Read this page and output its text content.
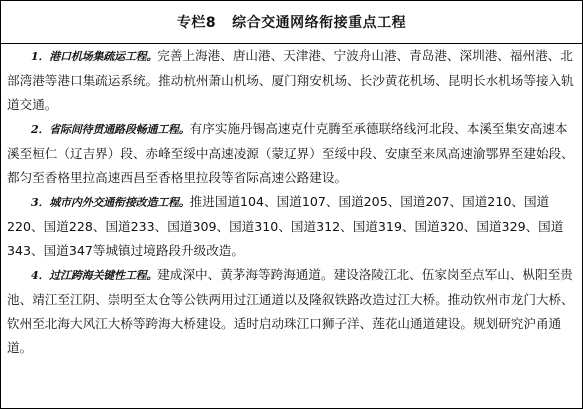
专栏8 综合交通网络衔接重点工程

1．港口机场集疏运工程。完善上海港、唐山港、天津港、宁波舟山港、青岛港、深圳港、福州港、北部湾港等港口集疏运系统。推动杭州萧山机场、厦门翔安机场、长沙黄花机场、昆明长水机场等接入轨道交通。

2．省际间待贯通路段畅通工程。有序实施丹锡高速克什克腾至承德联络线河北段、本溪至集安高速本溪至桓仁（辽吉界）段、赤峰至绥中高速凌源（蒙辽界）至绥中段、安康至来凤高速渝鄂界至建始段、都匀至香格里拉高速西昌至香格里拉段等省际高速公路建设。

3．城市内外交通衔接改造工程。推进国道104、国道107、国道205、国道207、国道210、国道220、国道228、国道233、国道309、国道310、国道312、国道319、国道320、国道329、国道343、国道347等城镇过境路段升级改造。

4．过江跨海关键性工程。建成深中、黄茅海等跨海通道。建设洛陵江北、伍家岗至点军山、枞阳至贵池、靖江至江阴、崇明至太仓等公铁两用过江通道以及隆叙铁路改造过江大桥。推动钦州市龙门大桥、钦州至北海大风江大桥等跨海大桥建设。适时启动珠江口狮子洋、莲花山通道建设。规划研究沪甬通道。
